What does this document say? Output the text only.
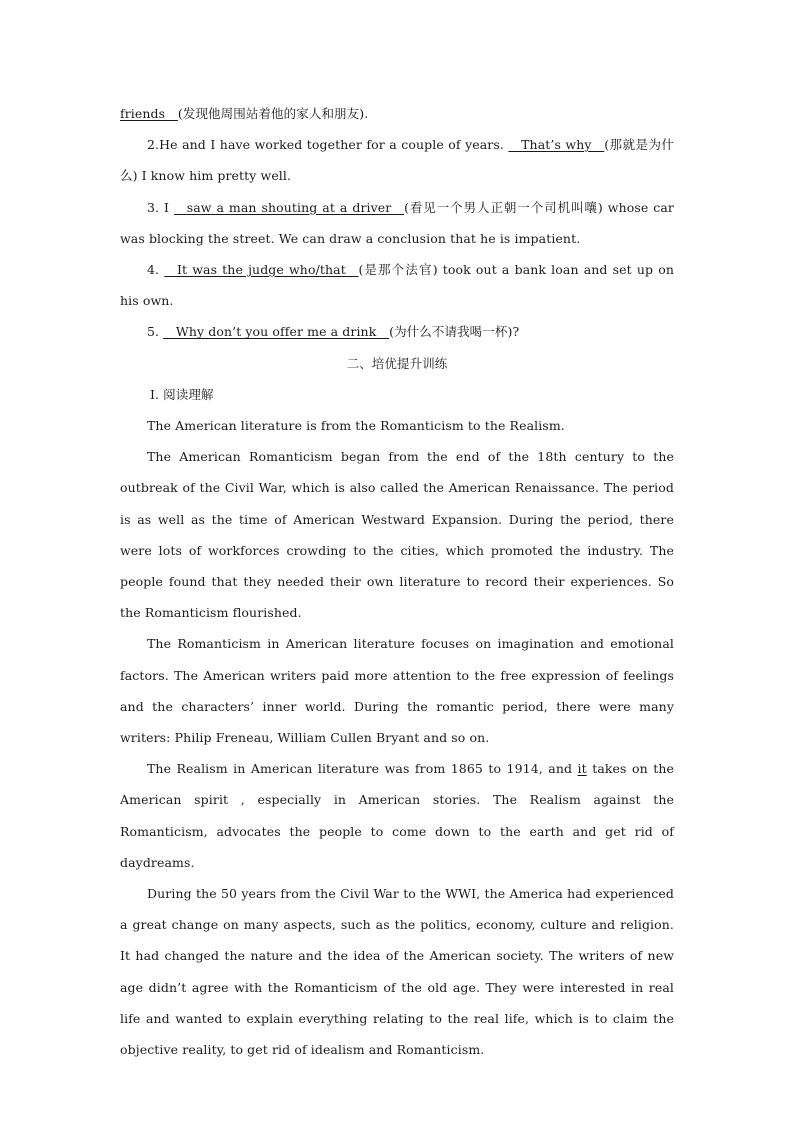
friends__(发现他周围站着他的家人和朋友).

2.He and I have worked together for a couple of years. __That’s why__(那就是为什么) I know him pretty well.

3. I __saw a man shouting at a driver__(看见一个男人正朝一个司机叫嚷) whose car was blocking the street. We can draw a conclusion that he is impatient.

4. __It was the judge who/that__(是那个法官) took out a bank loan and set up on his own.

5. __Why don’t you offer me a drink__(为什么不请我喝一杯)?

二、培优提升训练

Ⅰ. 阅读理解

The American literature is from the Romanticism to the Realism.

The American Romanticism began from the end of the 18th century to the outbreak of the Civil War, which is also called the American Renaissance. The period is as well as the time of American Westward Expansion. During the period, there were lots of workforces crowding to the cities, which promoted the industry. The people found that they needed their own literature to record their experiences. So the Romanticism flourished.

The Romanticism in American literature focuses on imagination and emotional factors. The American writers paid more attention to the free expression of feelings and the characters’ inner world. During the romantic period, there were many writers: Philip Freneau, William Cullen Bryant and so on.

The Realism in American literature was from 1865 to 1914, and it takes on the American spirit , especially in American stories. The Realism against the Romanticism, advocates the people to come down to the earth and get rid of daydreams.

During the 50 years from the Civil War to the WWI, the America had experienced a great change on many aspects, such as the politics, economy, culture and religion. It had changed the nature and the idea of the American society. The writers of new age didn’t agree with the Romanticism of the old age. They were interested in real life and wanted to explain everything relating to the real life, which is to claim the objective reality, to get rid of idealism and Romanticism.
